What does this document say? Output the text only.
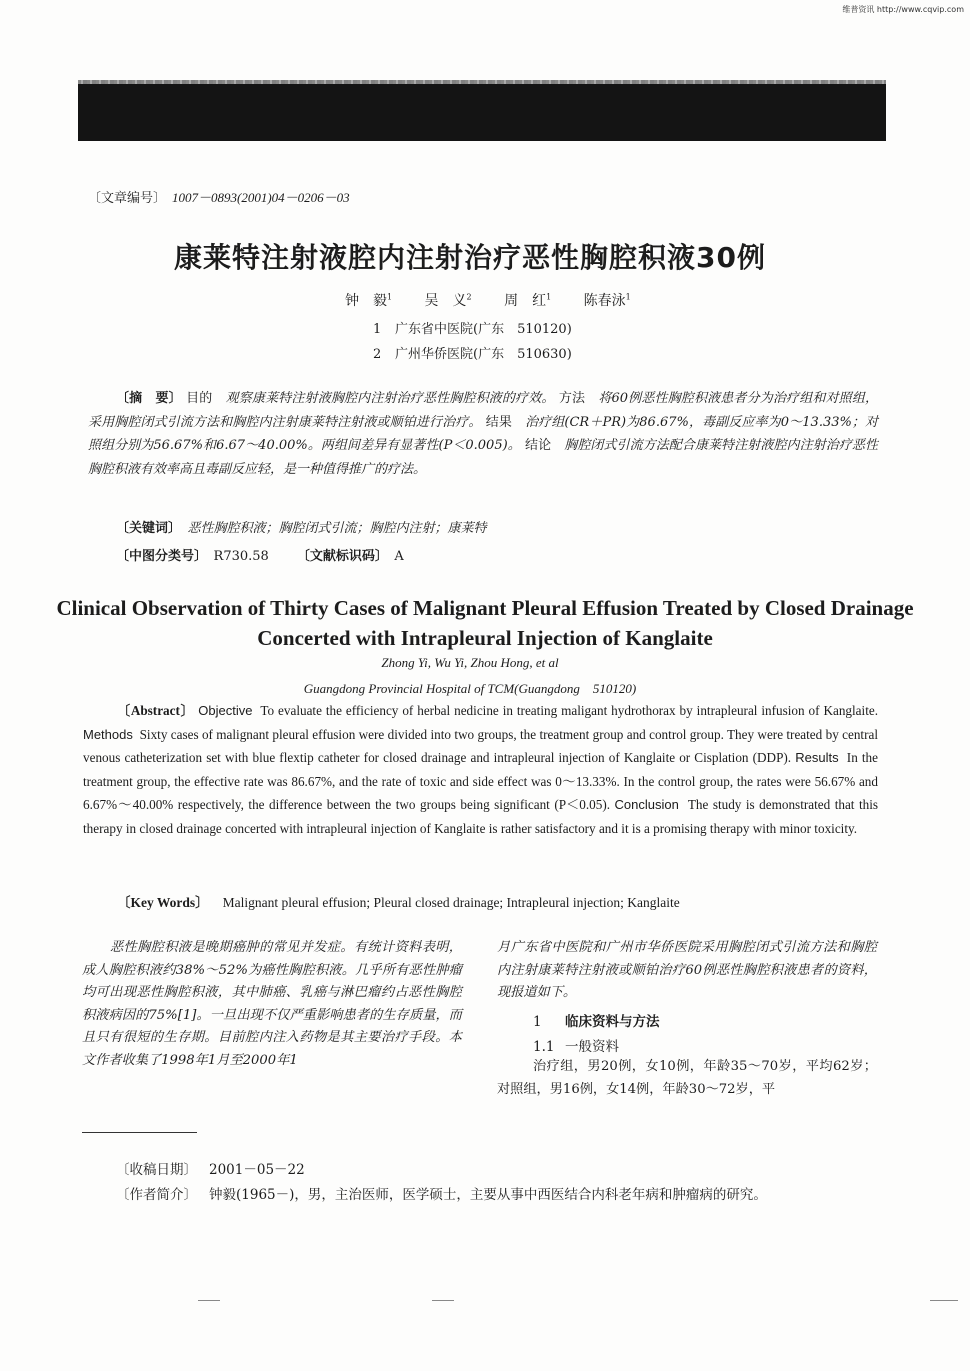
维普资讯 http://www.cqvip.com
〔文章编号〕 1007－0893(2001)04－0206－03
康莱特注射液腔内注射治疗恶性胸腔积液30例
钟　毅$^1$ 吴　义$^2$ 周　红$^1$ 陈春泳$^1$
1 广东省中医院(广东　510120)
2 广州华侨医院(广东　510630)
〔摘　要〕 目的　 观察康莱特注射液胸腔内注射治疗恶性胸腔积液的疗效。 方法　 将60例恶性胸腔积液患者分为治疗组和对照组，采用胸腔闭式引流方法和胸腔内注射康莱特注射液或顺铂进行治疗。 结果　 治疗组(CR＋PR)为86.67%，毒副反应率为0～13.33%；对照组分别为56.67%和6.67～40.00%。两组间差异有显著性(P＜0.005)。 结论　 胸腔闭式引流方法配合康莱特注射液腔内注射治疗恶性胸腔积液有效率高且毒副反应轻，是一种值得推广的疗法。
〔关键词〕　 恶性胸腔积液；胸腔闭式引流；胸腔内注射；康莱特
〔中图分类号〕　 R730.58 〔文献标识码〕　 A
Clinical Observation of Thirty Cases of Malignant Pleural Effusion Treated by Closed Drainage Concerted with Intrapleural Injection of Kanglaite
Zhong Yi, Wu Yi, Zhou Hong, et al
Guangdong Provincial Hospital of TCM(Guangdong　510120)
〔Abstract〕 Objective To evaluate the efficiency of herbal nedicine in treating maligant hydrothorax by intrapleural infusion of Kanglaite. Methods Sixty cases of malignant pleural effusion were divided into two groups, the treatment group and control group. They were treated by central venous catheterization set with blue flextip catheter for closed drainage and intrapleural injection of Kanglaite or Cisplation (DDP). Results In the treatment group, the effective rate was 86.67%, and the rate of toxic and side effect was 0～13.33%. In the control group, the rates were 56.67% and 6.67%～40.00% respectively, the difference between the two groups being significant (P＜0.05). Conclusion The study is demonstrated that this therapy in closed drainage concerted with intrapleural injection of Kanglaite is rather satisfactory and it is a promising therapy with minor toxicity.
〔Key Words〕 Malignant pleural effusion; Pleural closed drainage; Intrapleural injection; Kanglaite
恶性胸腔积液是晚期癌肿的常见并发症。有统计资料表明，成人胸腔积液约38%～52%为癌性胸腔积液。几乎所有恶性肿瘤均可出现恶性胸腔积液，其中肺癌、乳癌与淋巴瘤约占恶性胸腔积液病因的75%[1]。一旦出现不仅严重影响患者的生存质量，而且只有很短的生存期。目前腔内注入药物是其主要治疗手段。本文作者收集了1998年1月至2000年1
月广东省中医院和广州市华侨医院采用胸腔闭式引流方法和胸腔内注射康莱特注射液或顺铂治疗60例恶性胸腔积液患者的资料，现报道如下。
1 临床资料与方法
1.1 一般资料
治疗组，男20例，女10例，年龄35～70岁，平均62岁；对照组，男16例，女14例，年龄30～72岁，平
〔收稿日期〕 2001－05－22
〔作者简介〕 钟毅(1965－)，男，主治医师，医学硕士，主要从事中西医结合内科老年病和肿瘤病的研究。
